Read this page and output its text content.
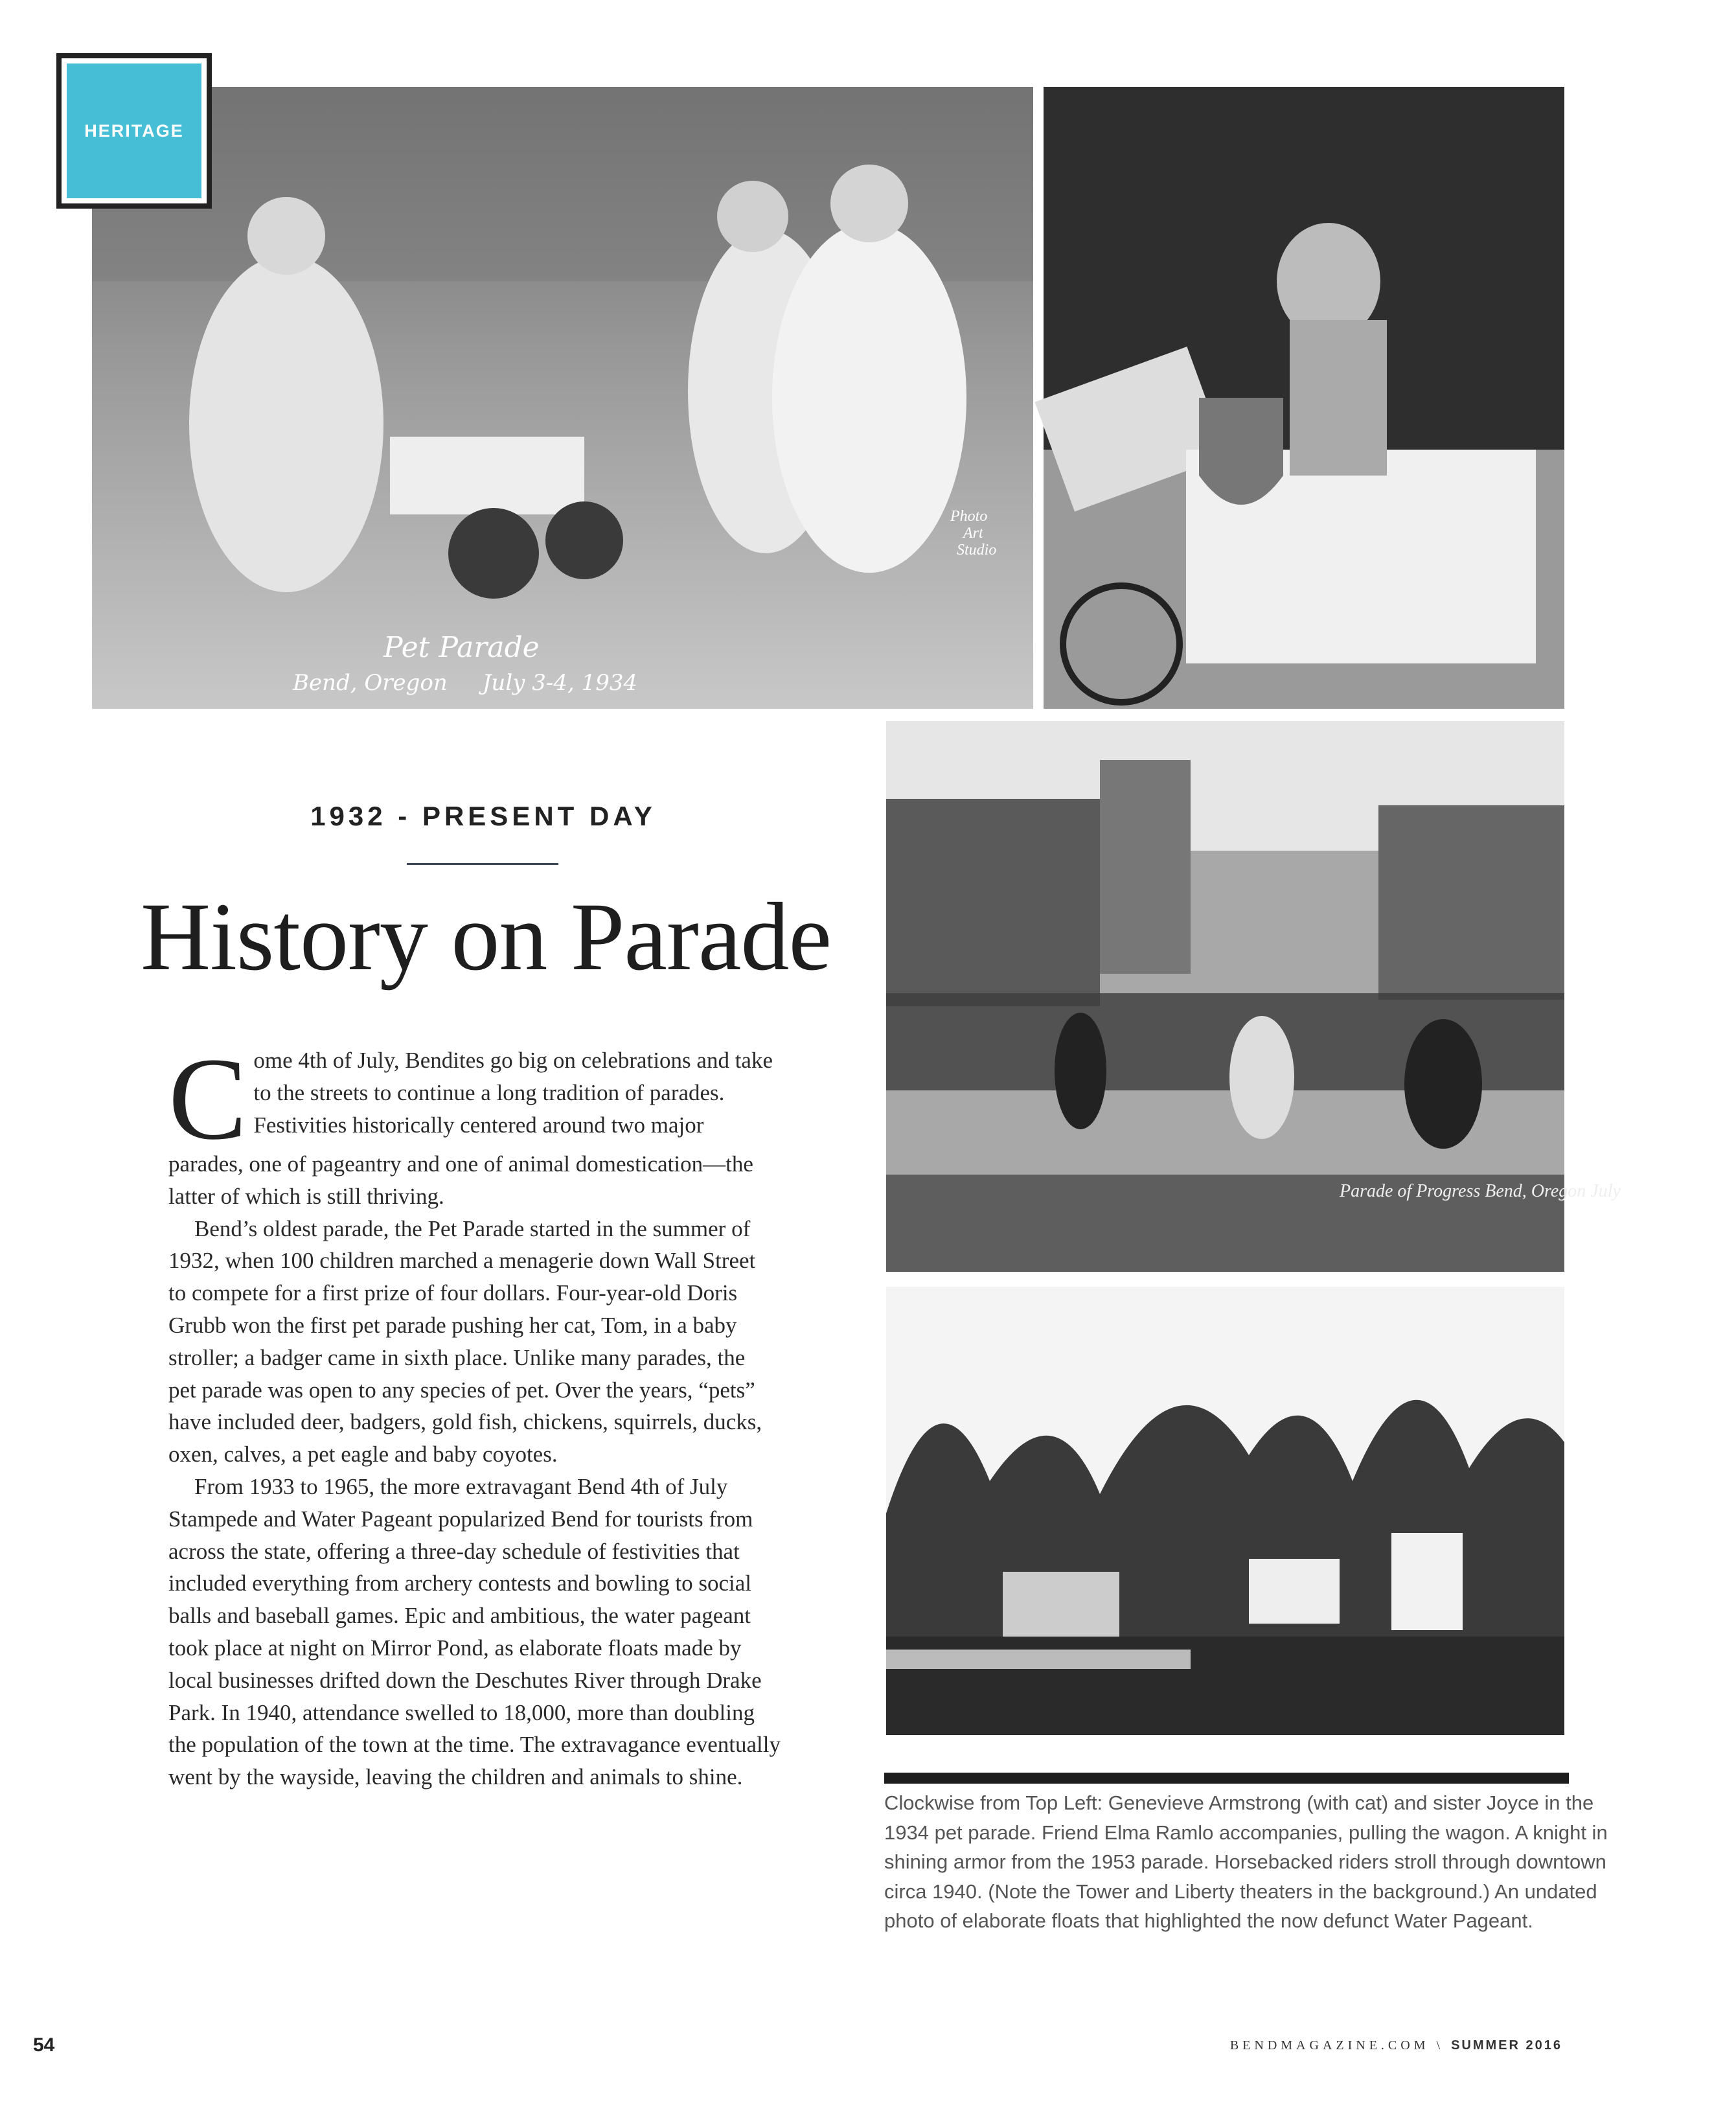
HERITAGE
Pet Parade
Bend, Oregon     July 3-4, 1934
Photo
Art
Studio
1932 - PRESENT DAY
History on Parade
C ome 4th of July, Bendites go big on celebrations and take
to the streets to continue a long tradition of parades.
Festivities historically centered around two major
parades, one of pageantry and one of animal domestication—the
latter of which is still thriving.
Bend’s oldest parade, the Pet Parade started in the summer of
1932, when 100 children marched a menagerie down Wall Street
to compete for a first prize of four dollars. Four-year-old Doris
Grubb won the first pet parade pushing her cat, Tom, in a baby
stroller; a badger came in sixth place. Unlike many parades, the
pet parade was open to any species of pet. Over the years, “pets”
have included deer, badgers, gold fish, chickens, squirrels, ducks,
oxen, calves, a pet eagle and baby coyotes.
From 1933 to 1965, the more extravagant Bend 4th of July
Stampede and Water Pageant popularized Bend for tourists from
across the state, offering a three-day schedule of festivities that
included everything from archery contests and bowling to social
balls and baseball games. Epic and ambitious, the water pageant
took place at night on Mirror Pond, as elaborate floats made by
local businesses drifted down the Deschutes River through Drake
Park. In 1940, attendance swelled to 18,000, more than doubling
the population of the town at the time. The extravagance eventually
went by the wayside, leaving the children and animals to shine.
Parade of Progress Bend, Oregon July
Clockwise from Top Left: Genevieve Armstrong (with cat) and sister Joyce in the
1934 pet parade. Friend Elma Ramlo accompanies, pulling the wagon. A knight in
shining armor from the 1953 parade. Horsebacked riders stroll through downtown
circa 1940. (Note the Tower and Liberty theaters in the background.) An undated
photo of elaborate floats that highlighted the now defunct Water Pageant.
54	BENDMAGAZINE.COM \ SUMMER 2016
